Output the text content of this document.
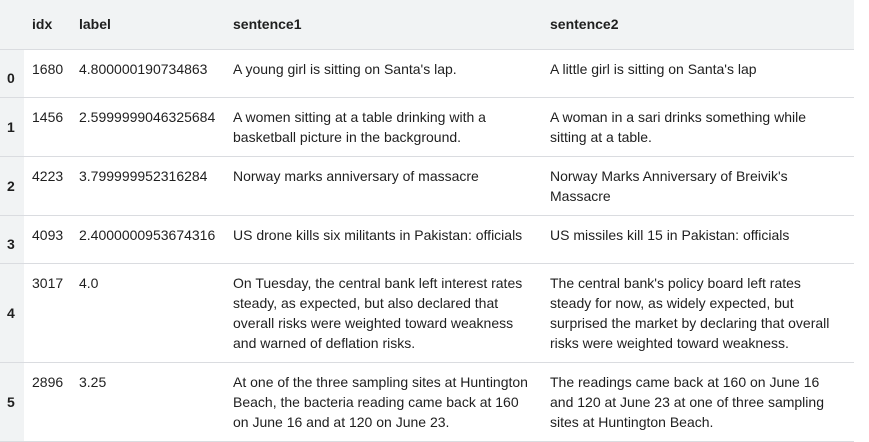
	idx	label	sentence1	sentence2
0	1680	4.800000190734863	A young girl is sitting on Santa's lap.	A little girl is sitting on Santa's lap
1	1456	2.5999999046325684	A women sitting at a table drinking with a basketball picture in the background.	A woman in a sari drinks something while sitting at a table.
2	4223	3.799999952316284	Norway marks anniversary of massacre	Norway Marks Anniversary of Breivik's Massacre
3	4093	2.4000000953674316	US drone kills six militants in Pakistan: officials	US missiles kill 15 in Pakistan: officials
4	3017	4.0	On Tuesday, the central bank left interest rates steady, as expected, but also declared that overall risks were weighted toward weakness and warned of deflation risks.	The central bank's policy board left rates steady for now, as widely expected, but surprised the market by declaring that overall risks were weighted toward weakness.
5	2896	3.25	At one of the three sampling sites at Huntington Beach, the bacteria reading came back at 160 on June 16 and at 120 on June 23.	The readings came back at 160 on June 16 and 120 at June 23 at one of three sampling sites at Huntington Beach.
